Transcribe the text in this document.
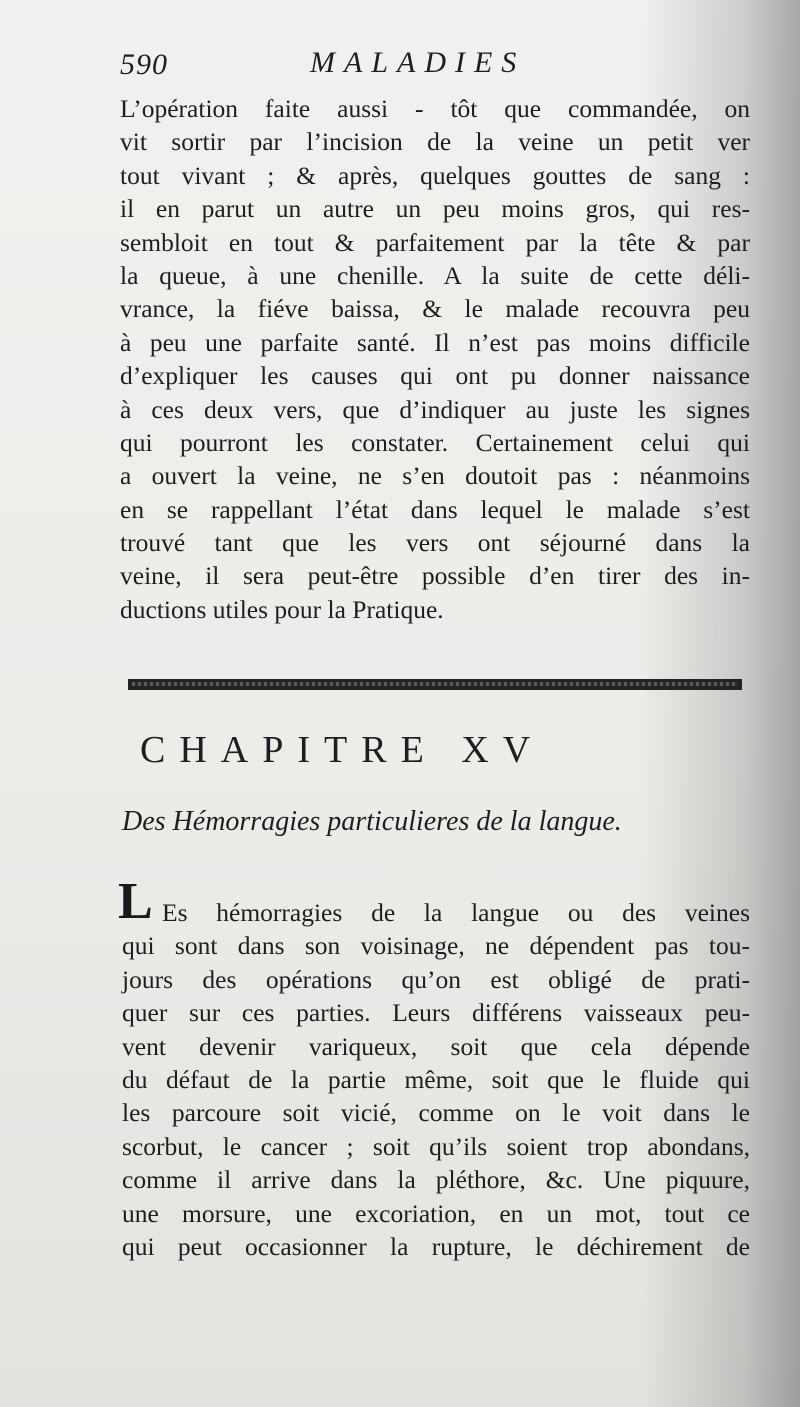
590	MALADIES
L’opération faite aussi - tôt que commandée, on
vit sortir par l’incision de la veine un petit ver
tout vivant ; & après, quelques gouttes de sang :
il en parut un autre un peu moins gros, qui res-
sembloit en tout & parfaitement par la tête & par
la queue, à une chenille. A la suite de cette déli-
vrance, la fiéve baissa, & le malade recouvra peu
à peu une parfaite santé. Il n’est pas moins difficile
d’expliquer les causes qui ont pu donner naissance
à ces deux vers, que d’indiquer au juste les signes
qui pourront les constater. Certainement celui qui
a ouvert la veine, ne s’en doutoit pas : néanmoins
en se rappellant l’état dans lequel le malade s’est
trouvé tant que les vers ont séjourné dans la
veine, il sera peut-être possible d’en tirer des in-
ductions utiles pour la Pratique.
CHAPITRE XV
Des Hémorragies particulieres de la langue.
L Es hémorragies de la langue ou des veines
qui sont dans son voisinage, ne dépendent pas tou-
jours des opérations qu’on est obligé de prati-
quer sur ces parties. Leurs différens vaisseaux peu-
vent devenir variqueux, soit que cela dépende
du défaut de la partie même, soit que le fluide qui
les parcoure soit vicié, comme on le voit dans le
scorbut, le cancer ; soit qu’ils soient trop abondans,
comme il arrive dans la pléthore, &c. Une piquure,
une morsure, une excoriation, en un mot, tout ce
qui peut occasionner la rupture, le déchirement de
